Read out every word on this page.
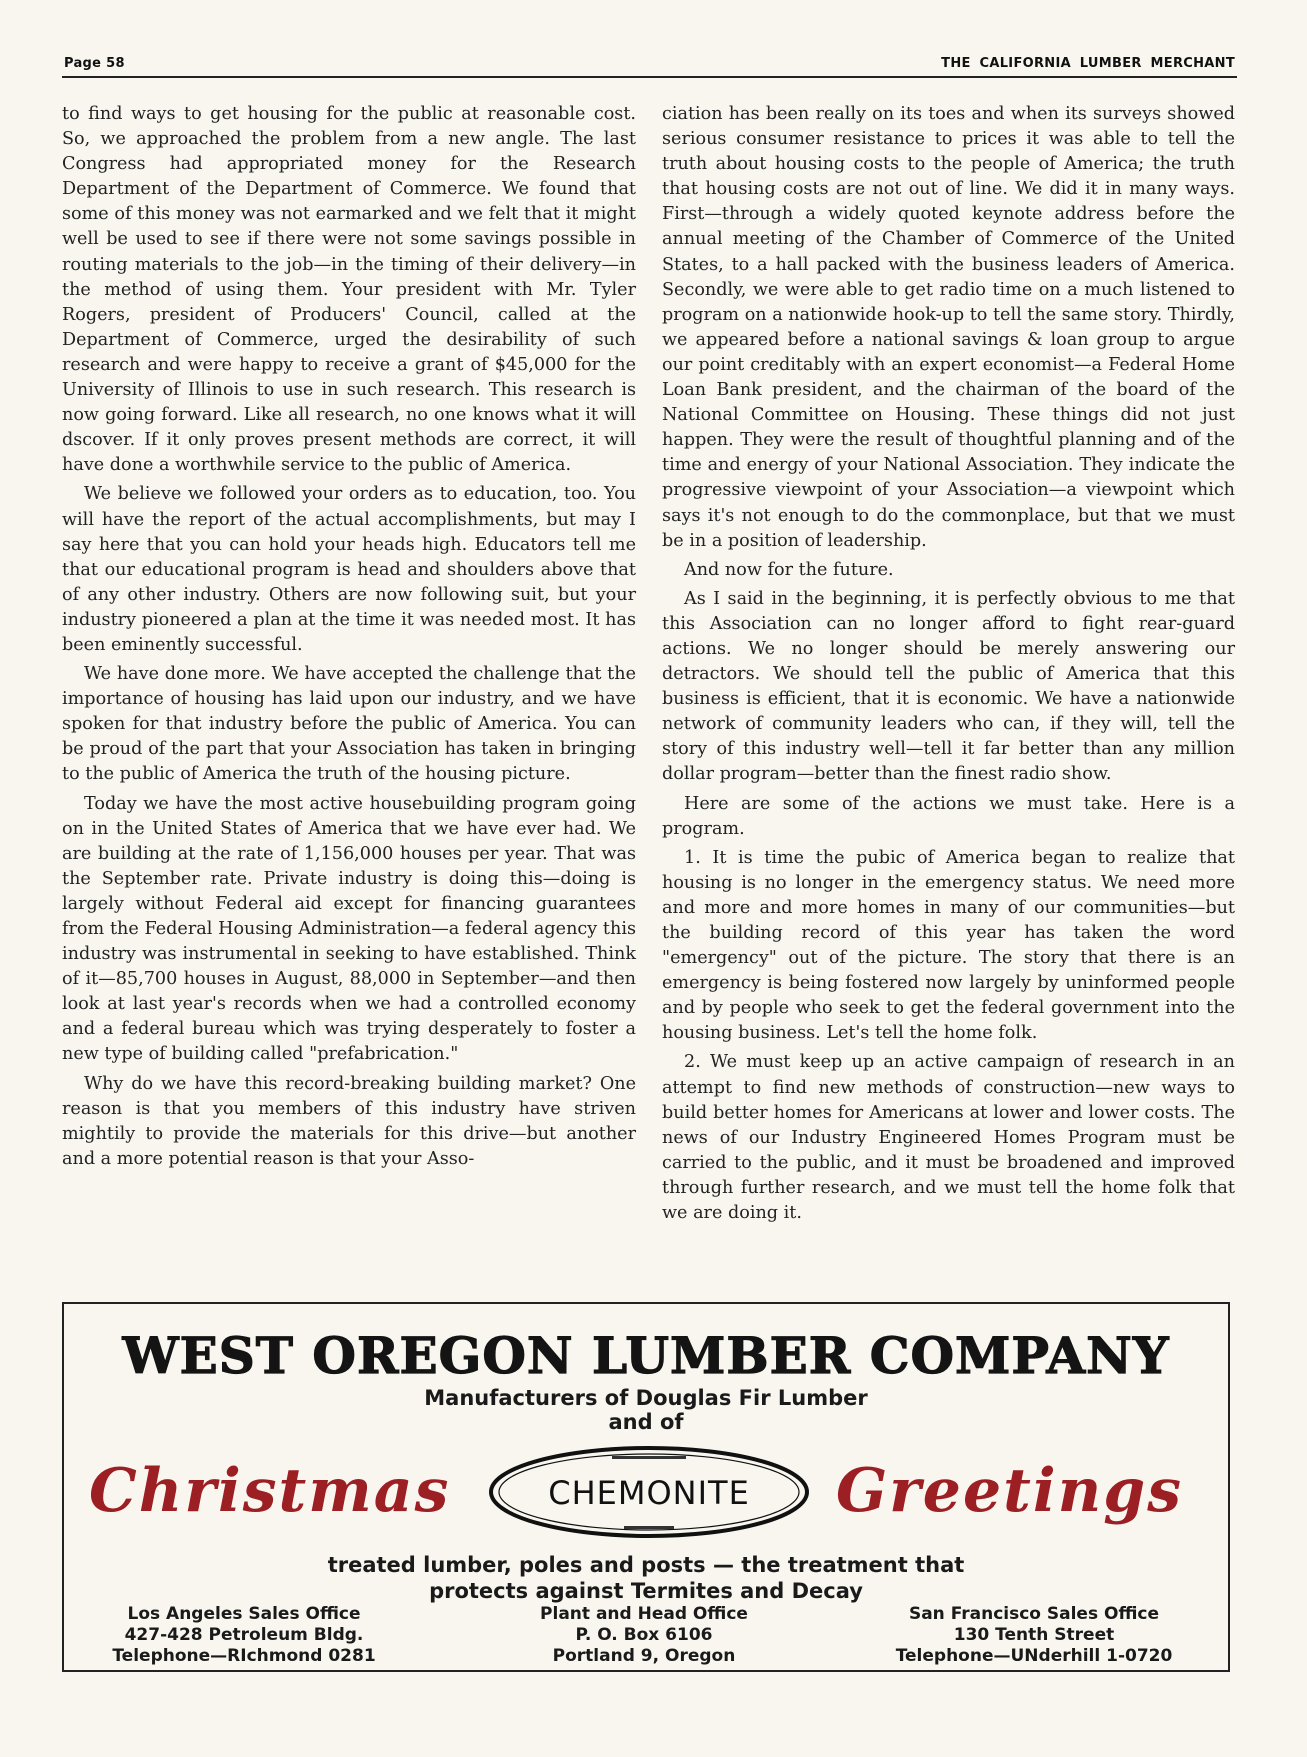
Page 58	THE CALIFORNIA LUMBER MERCHANT

to find ways to get housing for the public at reasonable cost. So, we approached the problem from a new angle. The last Congress had appropriated money for the Research Department of the Department of Commerce. We found that some of this money was not earmarked and we felt that it might well be used to see if there were not some savings possible in routing materials to the job—in the timing of their delivery—in the method of using them. Your president with Mr. Tyler Rogers, president of Producers' Council, called at the Department of Commerce, urged the desirability of such research and were happy to receive a grant of $45,000 for the University of Illinois to use in such research. This research is now going forward. Like all research, no one knows what it will dscover. If it only proves present methods are correct, it will have done a worthwhile service to the public of America.

We believe we followed your orders as to education, too. You will have the report of the actual accomplishments, but may I say here that you can hold your heads high. Educators tell me that our educational program is head and shoulders above that of any other industry. Others are now following suit, but your industry pioneered a plan at the time it was needed most. It has been eminently successful.

We have done more. We have accepted the challenge that the importance of housing has laid upon our industry, and we have spoken for that industry before the public of America. You can be proud of the part that your Association has taken in bringing to the public of America the truth of the housing picture.

Today we have the most active housebuilding program going on in the United States of America that we have ever had. We are building at the rate of 1,156,000 houses per year. That was the September rate. Private industry is doing this—doing is largely without Federal aid except for financing guarantees from the Federal Housing Administration—a federal agency this industry was instrumental in seeking to have established. Think of it—85,700 houses in August, 88,000 in September—and then look at last year's records when we had a controlled economy and a federal bureau which was trying desperately to foster a new type of building called "prefabrication."

Why do we have this record-breaking building market? One reason is that you members of this industry have striven mightily to provide the materials for this drive—but another and a more potential reason is that your Asso-

ciation has been really on its toes and when its surveys showed serious consumer resistance to prices it was able to tell the truth about housing costs to the people of America; the truth that housing costs are not out of line. We did it in many ways. First—through a widely quoted keynote address before the annual meeting of the Chamber of Commerce of the United States, to a hall packed with the business leaders of America. Secondly, we were able to get radio time on a much listened to program on a nationwide hook-up to tell the same story. Thirdly, we appeared before a national savings & loan group to argue our point creditably with an expert economist—a Federal Home Loan Bank president, and the chairman of the board of the National Committee on Housing. These things did not just happen. They were the result of thoughtful planning and of the time and energy of your National Association. They indicate the progressive viewpoint of your Association—a viewpoint which says it's not enough to do the commonplace, but that we must be in a position of leadership.

And now for the future.

As I said in the beginning, it is perfectly obvious to me that this Association can no longer afford to fight rear-guard actions. We no longer should be merely answering our detractors. We should tell the public of America that this business is efficient, that it is economic. We have a nationwide network of community leaders who can, if they will, tell the story of this industry well—tell it far better than any million dollar program—better than the finest radio show.

Here are some of the actions we must take. Here is a program.

1. It is time the pubic of America began to realize that housing is no longer in the emergency status. We need more and more and more homes in many of our communities—but the building record of this year has taken the word "emergency" out of the picture. The story that there is an emergency is being fostered now largely by uninformed people and by people who seek to get the federal government into the housing business. Let's tell the home folk.

2. We must keep up an active campaign of research in an attempt to find new methods of construction—new ways to build better homes for Americans at lower and lower costs. The news of our Industry Engineered Homes Program must be carried to the public, and it must be broadened and improved through further research, and we must tell the home folk that we are doing it.

WEST OREGON LUMBER COMPANY
Manufacturers of Douglas Fir Lumber
and of
Christmas	CHEMONITE Greetings
treated lumber, poles and posts — the treatment that
protects against Termites and Decay
Los Angeles Sales Office
427-428 Petroleum Bldg.
Telephone—RIchmond 0281
Plant and Head Office
P. O. Box 6106
Portland 9, Oregon
San Francisco Sales Office
130 Tenth Street
Telephone—UNderhill 1-0720
